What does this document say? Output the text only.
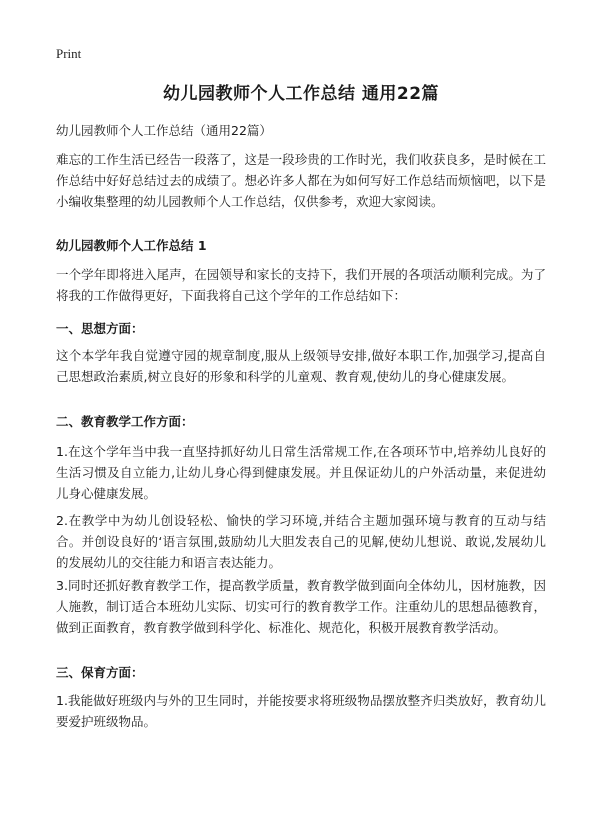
Print
幼儿园教师个人工作总结 通用22篇
幼儿园教师个人工作总结（通用22篇）

难忘的工作生活已经告一段落了，这是一段珍贵的工作时光，我们收获良多，是时候在工作总结中好好总结过去的成绩了。想必许多人都在为如何写好工作总结而烦恼吧，以下是小编收集整理的幼儿园教师个人工作总结，仅供参考，欢迎大家阅读。

幼儿园教师个人工作总结 1

一个学年即将进入尾声，在园领导和家长的支持下，我们开展的各项活动顺利完成。为了将我的工作做得更好，下面我将自己这个学年的工作总结如下：

一、思想方面：

这个本学年我自觉遵守园的规章制度,服从上级领导安排,做好本职工作,加强学习,提高自己思想政治素质,树立良好的形象和科学的儿童观、教育观,使幼儿的身心健康发展。

二、教育教学工作方面：

1.在这个学年当中我一直坚持抓好幼儿日常生活常规工作,在各项环节中,培养幼儿良好的生活习惯及自立能力,让幼儿身心得到健康发展。并且保证幼儿的户外活动量，来促进幼儿身心健康发展。

2.在教学中为幼儿创设轻松、愉快的学习环境,并结合主题加强环境与教育的互动与结合。并创设良好的‘语言氛围,鼓励幼儿大胆发表自己的见解,使幼儿想说、敢说,发展幼儿的发展幼儿的交往能力和语言表达能力。

3.同时还抓好教育教学工作，提高教学质量，教育教学做到面向全体幼儿，因材施教，因人施教，制订适合本班幼儿实际、切实可行的教育教学工作。注重幼儿的思想品德教育，做到正面教育，教育教学做到科学化、标准化、规范化，积极开展教育教学活动。

三、保育方面：

1.我能做好班级内与外的卫生同时，并能按要求将班级物品摆放整齐归类放好，教育幼儿要爱护班级物品。
